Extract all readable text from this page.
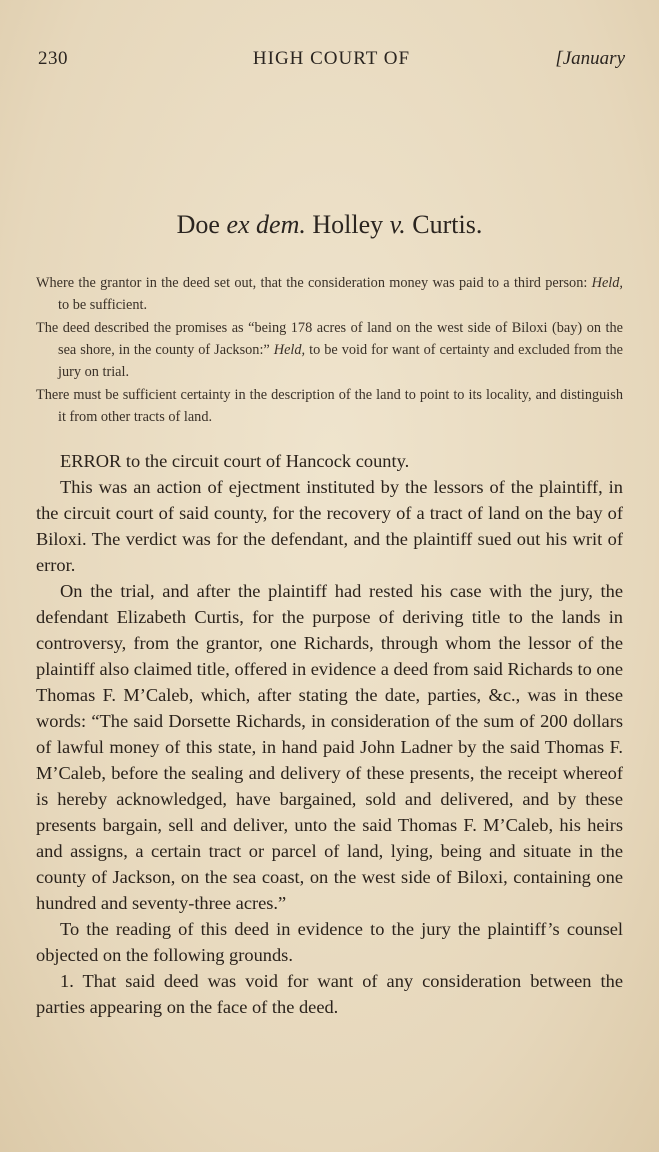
230	HIGH COURT OF	[January
Doe ex dem. Holley v. Curtis.

Where the grantor in the deed set out, that the consideration money was paid to a third person: Held, to be sufficient.

The deed described the promises as “being 178 acres of land on the west side of Biloxi (bay) on the sea shore, in the county of Jackson:” Held, to be void for want of certainty and excluded from the jury on trial.

There must be sufficient certainty in the description of the land to point to its locality, and distinguish it from other tracts of land.

ERROR to the circuit court of Hancock county.

This was an action of ejectment instituted by the lessors of the plaintiff, in the circuit court of said county, for the recovery of a tract of land on the bay of Biloxi. The verdict was for the defendant, and the plaintiff sued out his writ of error.

On the trial, and after the plaintiff had rested his case with the jury, the defendant Elizabeth Curtis, for the purpose of deriving title to the lands in controversy, from the grantor, one Richards, through whom the lessor of the plaintiff also claimed title, offered in evidence a deed from said Richards to one Thomas F. M’Caleb, which, after stating the date, parties, &c., was in these words: “The said Dorsette Richards, in consideration of the sum of 200 dollars of lawful money of this state, in hand paid John Ladner by the said Thomas F. M’Caleb, before the sealing and delivery of these presents, the receipt whereof is hereby acknowledged, have bargained, sold and delivered, and by these presents bargain, sell and deliver, unto the said Thomas F. M’Caleb, his heirs and assigns, a certain tract or parcel of land, lying, being and situate in the county of Jackson, on the sea coast, on the west side of Biloxi, containing one hundred and seventy-three acres.”

To the reading of this deed in evidence to the jury the plaintiff’s counsel objected on the following grounds.

1. That said deed was void for want of any consideration between the parties appearing on the face of the deed.
